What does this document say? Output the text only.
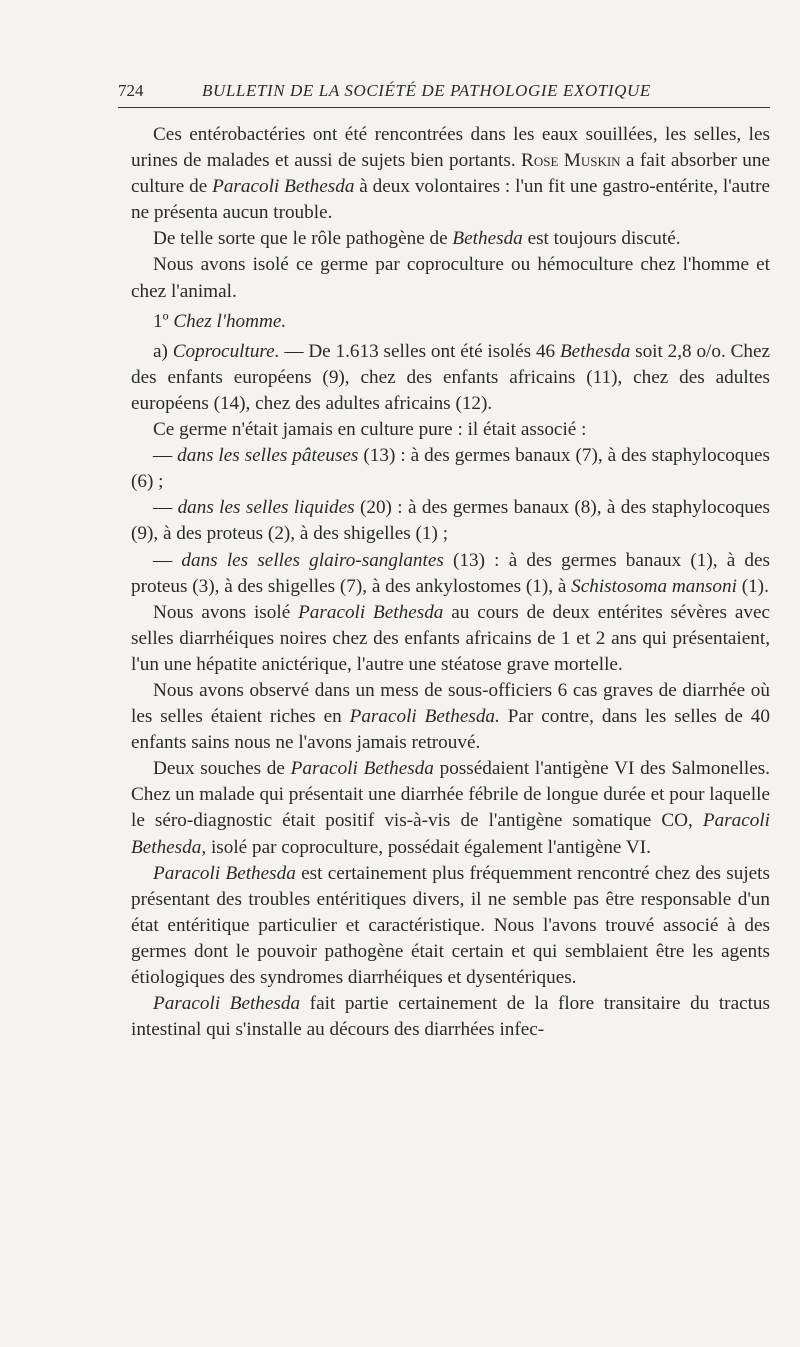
724	BULLETIN DE LA SOCIÉTÉ DE PATHOLOGIE EXOTIQUE

Ces entérobactéries ont été rencontrées dans les eaux souillées, les selles, les urines de malades et aussi de sujets bien portants. Rose Muskin a fait absorber une culture de Paracoli Bethesda à deux volontaires : l'un fit une gastro-entérite, l'autre ne présenta aucun trouble.

De telle sorte que le rôle pathogène de Bethesda est toujours discuté.

Nous avons isolé ce germe par coproculture ou hémoculture chez l'homme et chez l'animal.

1º Chez l'homme.

a) Coproculture. — De 1.613 selles ont été isolés 46 Bethesda soit 2,8 o/o. Chez des enfants européens (9), chez des enfants africains (11), chez des adultes européens (14), chez des adultes africains (12).

Ce germe n'était jamais en culture pure : il était associé :

— dans les selles pâteuses (13) : à des germes banaux (7), à des staphylocoques (6) ;

— dans les selles liquides (20) : à des germes banaux (8), à des staphylocoques (9), à des proteus (2), à des shigelles (1) ;

— dans les selles glairo-sanglantes (13) : à des germes banaux (1), à des proteus (3), à des shigelles (7), à des ankylostomes (1), à Schistosoma mansoni (1).

Nous avons isolé Paracoli Bethesda au cours de deux entérites sévères avec selles diarrhéiques noires chez des enfants africains de 1 et 2 ans qui présentaient, l'un une hépatite anictérique, l'autre une stéatose grave mortelle.

Nous avons observé dans un mess de sous-officiers 6 cas graves de diarrhée où les selles étaient riches en Paracoli Bethesda. Par contre, dans les selles de 40 enfants sains nous ne l'avons jamais retrouvé.

Deux souches de Paracoli Bethesda possédaient l'antigène VI des Salmonelles. Chez un malade qui présentait une diarrhée fébrile de longue durée et pour laquelle le séro-diagnostic était positif vis-à-vis de l'antigène somatique CO, Paracoli Bethesda, isolé par coproculture, possédait également l'antigène VI.

Paracoli Bethesda est certainement plus fréquemment rencontré chez des sujets présentant des troubles entéritiques divers, il ne semble pas être responsable d'un état entéritique particulier et caractéristique. Nous l'avons trouvé associé à des germes dont le pouvoir pathogène était certain et qui semblaient être les agents étiologiques des syndromes diarrhéiques et dysentériques.

Paracoli Bethesda fait partie certainement de la flore transitaire du tractus intestinal qui s'installe au décours des diarrhées infec-
